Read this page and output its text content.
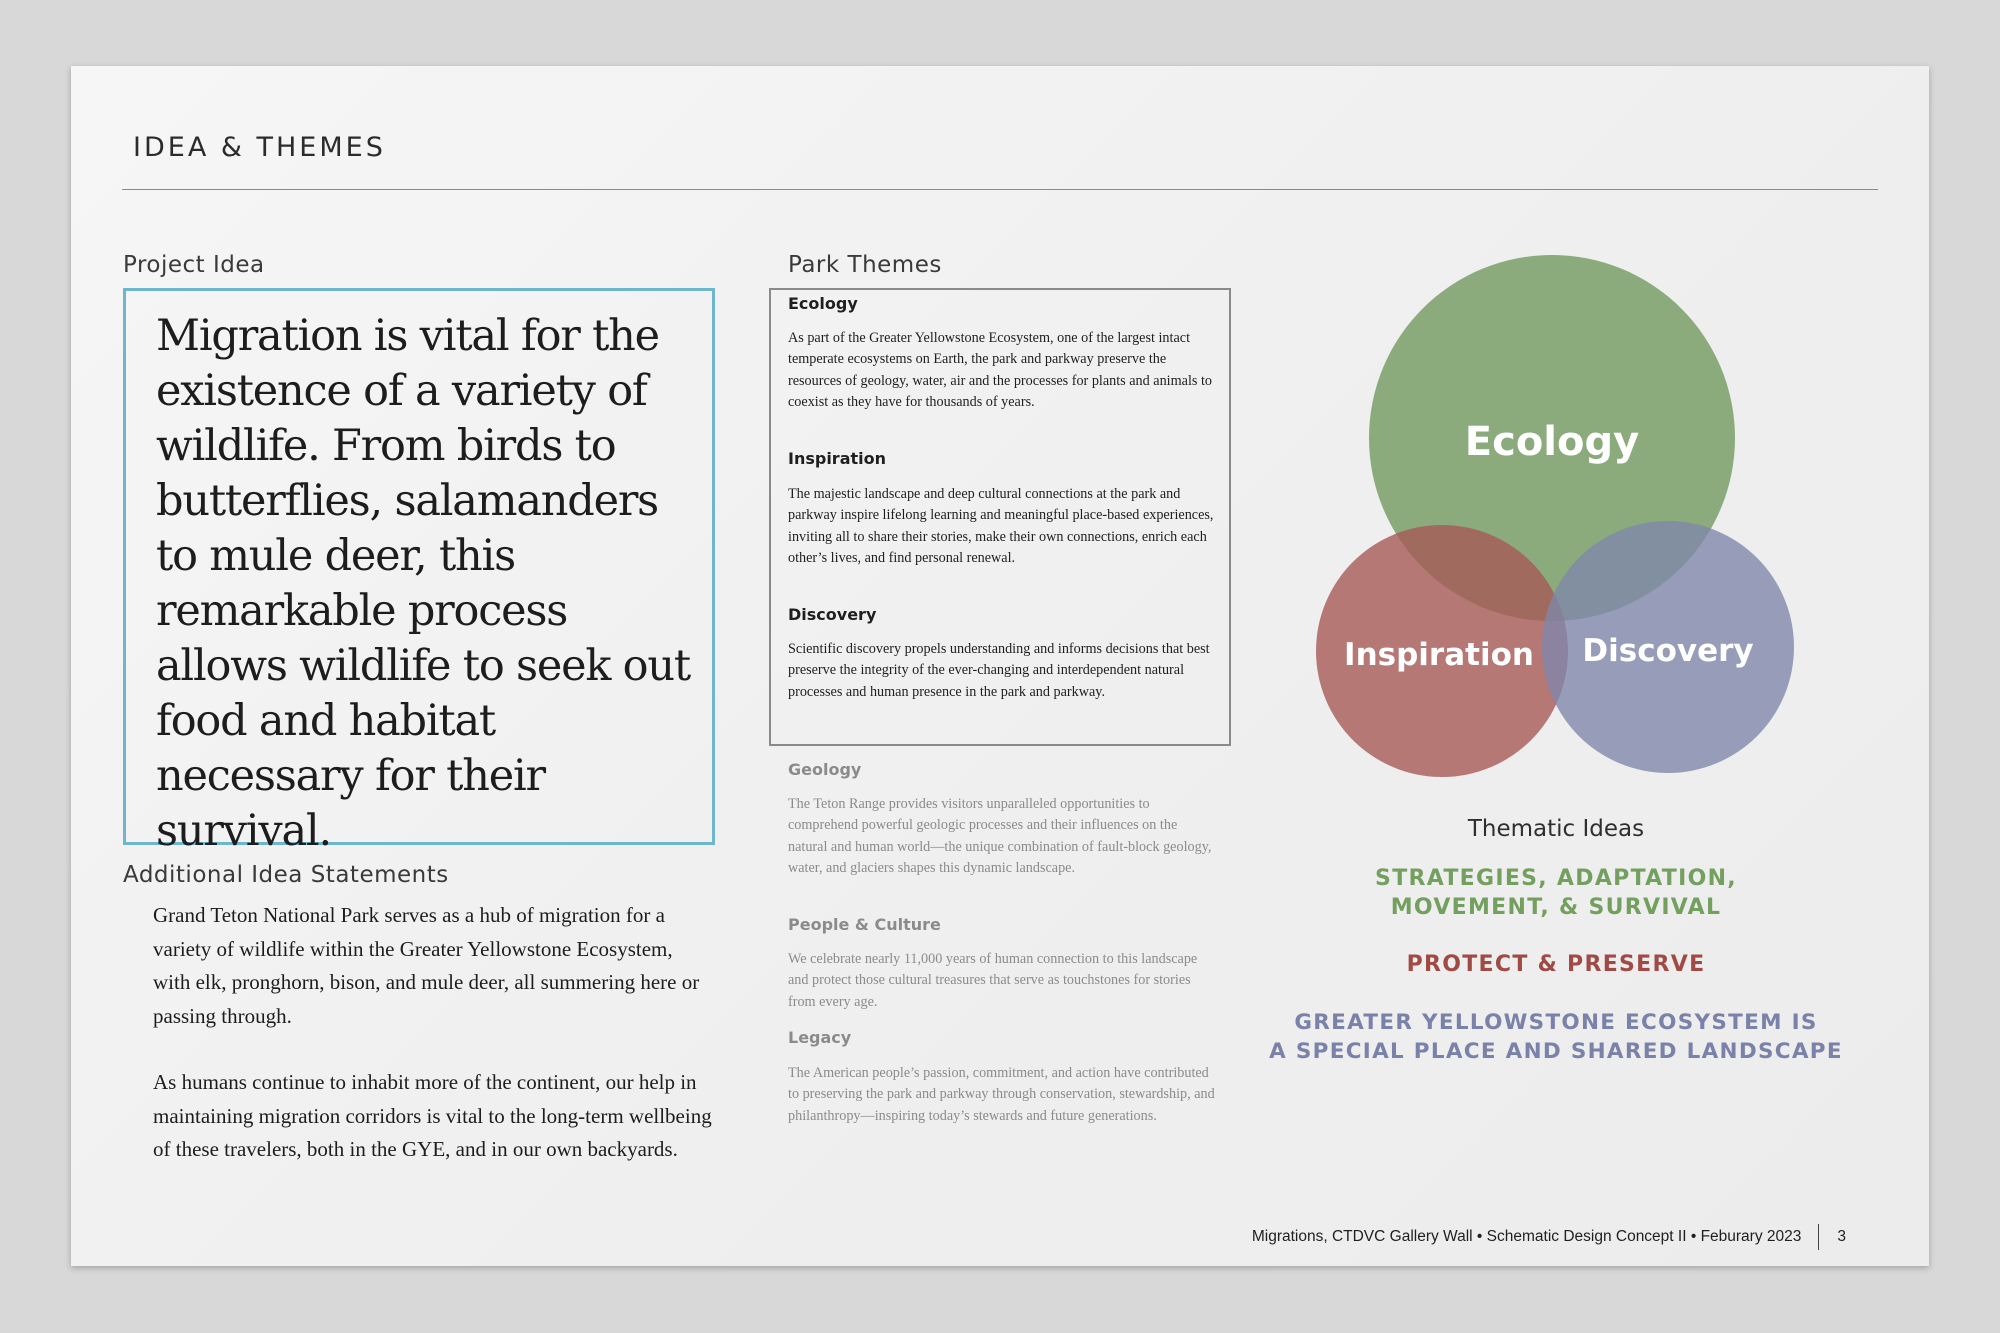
IDEA & THEMES
Project Idea

Migration is vital for the existence of a variety of wildlife. From birds to butterflies, salamanders to mule deer, this remarkable process allows wildlife to seek out food and habitat necessary for their survival.

Additional Idea Statements

Grand Teton National Park serves as a hub of migration for a variety of wildlife within the Greater Yellowstone Ecosystem, with elk, pronghorn, bison, and mule deer, all summering here or passing through.

As humans continue to inhabit more of the continent, our help in maintaining migration corridors is vital to the long-term wellbeing of these travelers, both in the GYE, and in our own backyards.

Park Themes
Ecology

As part of the Greater Yellowstone Ecosystem, one of the largest intact temperate ecosystems on Earth, the park and parkway preserve the resources of geology, water, air and the processes for plants and animals to coexist as they have for thousands of years.

Inspiration

The majestic landscape and deep cultural connections at the park and parkway inspire lifelong learning and meaningful place-based experiences, inviting all to share their stories, make their own connections, enrich each other’s lives, and find personal renewal.

Discovery

Scientific discovery propels understanding and informs decisions that best preserve the integrity of the ever-changing and interdependent natural processes and human presence in the park and parkway.

Geology

The Teton Range provides visitors unparalleled opportunities to comprehend powerful geologic processes and their influences on the natural and human world—the unique combination of fault-block geology, water, and glaciers shapes this dynamic landscape.

People & Culture

We celebrate nearly 11,000 years of human connection to this landscape and protect those cultural treasures that serve as touchstones for stories from every age.

Legacy

The American people’s passion, commitment, and action have contributed to preserving the park and parkway through conservation, stewardship, and philanthropy—inspiring today’s stewards and future generations.

Ecology
Inspiration Discovery
Thematic Ideas

STRATEGIES, ADAPTATION,

MOVEMENT, & SURVIVAL

PROTECT & PRESERVE

GREATER YELLOWSTONE ECOSYSTEM IS

A SPECIAL PLACE AND SHARED LANDSCAPE

Migrations, CTDVC Gallery Wall • Schematic Design Concept II • Feburary 2023 3
